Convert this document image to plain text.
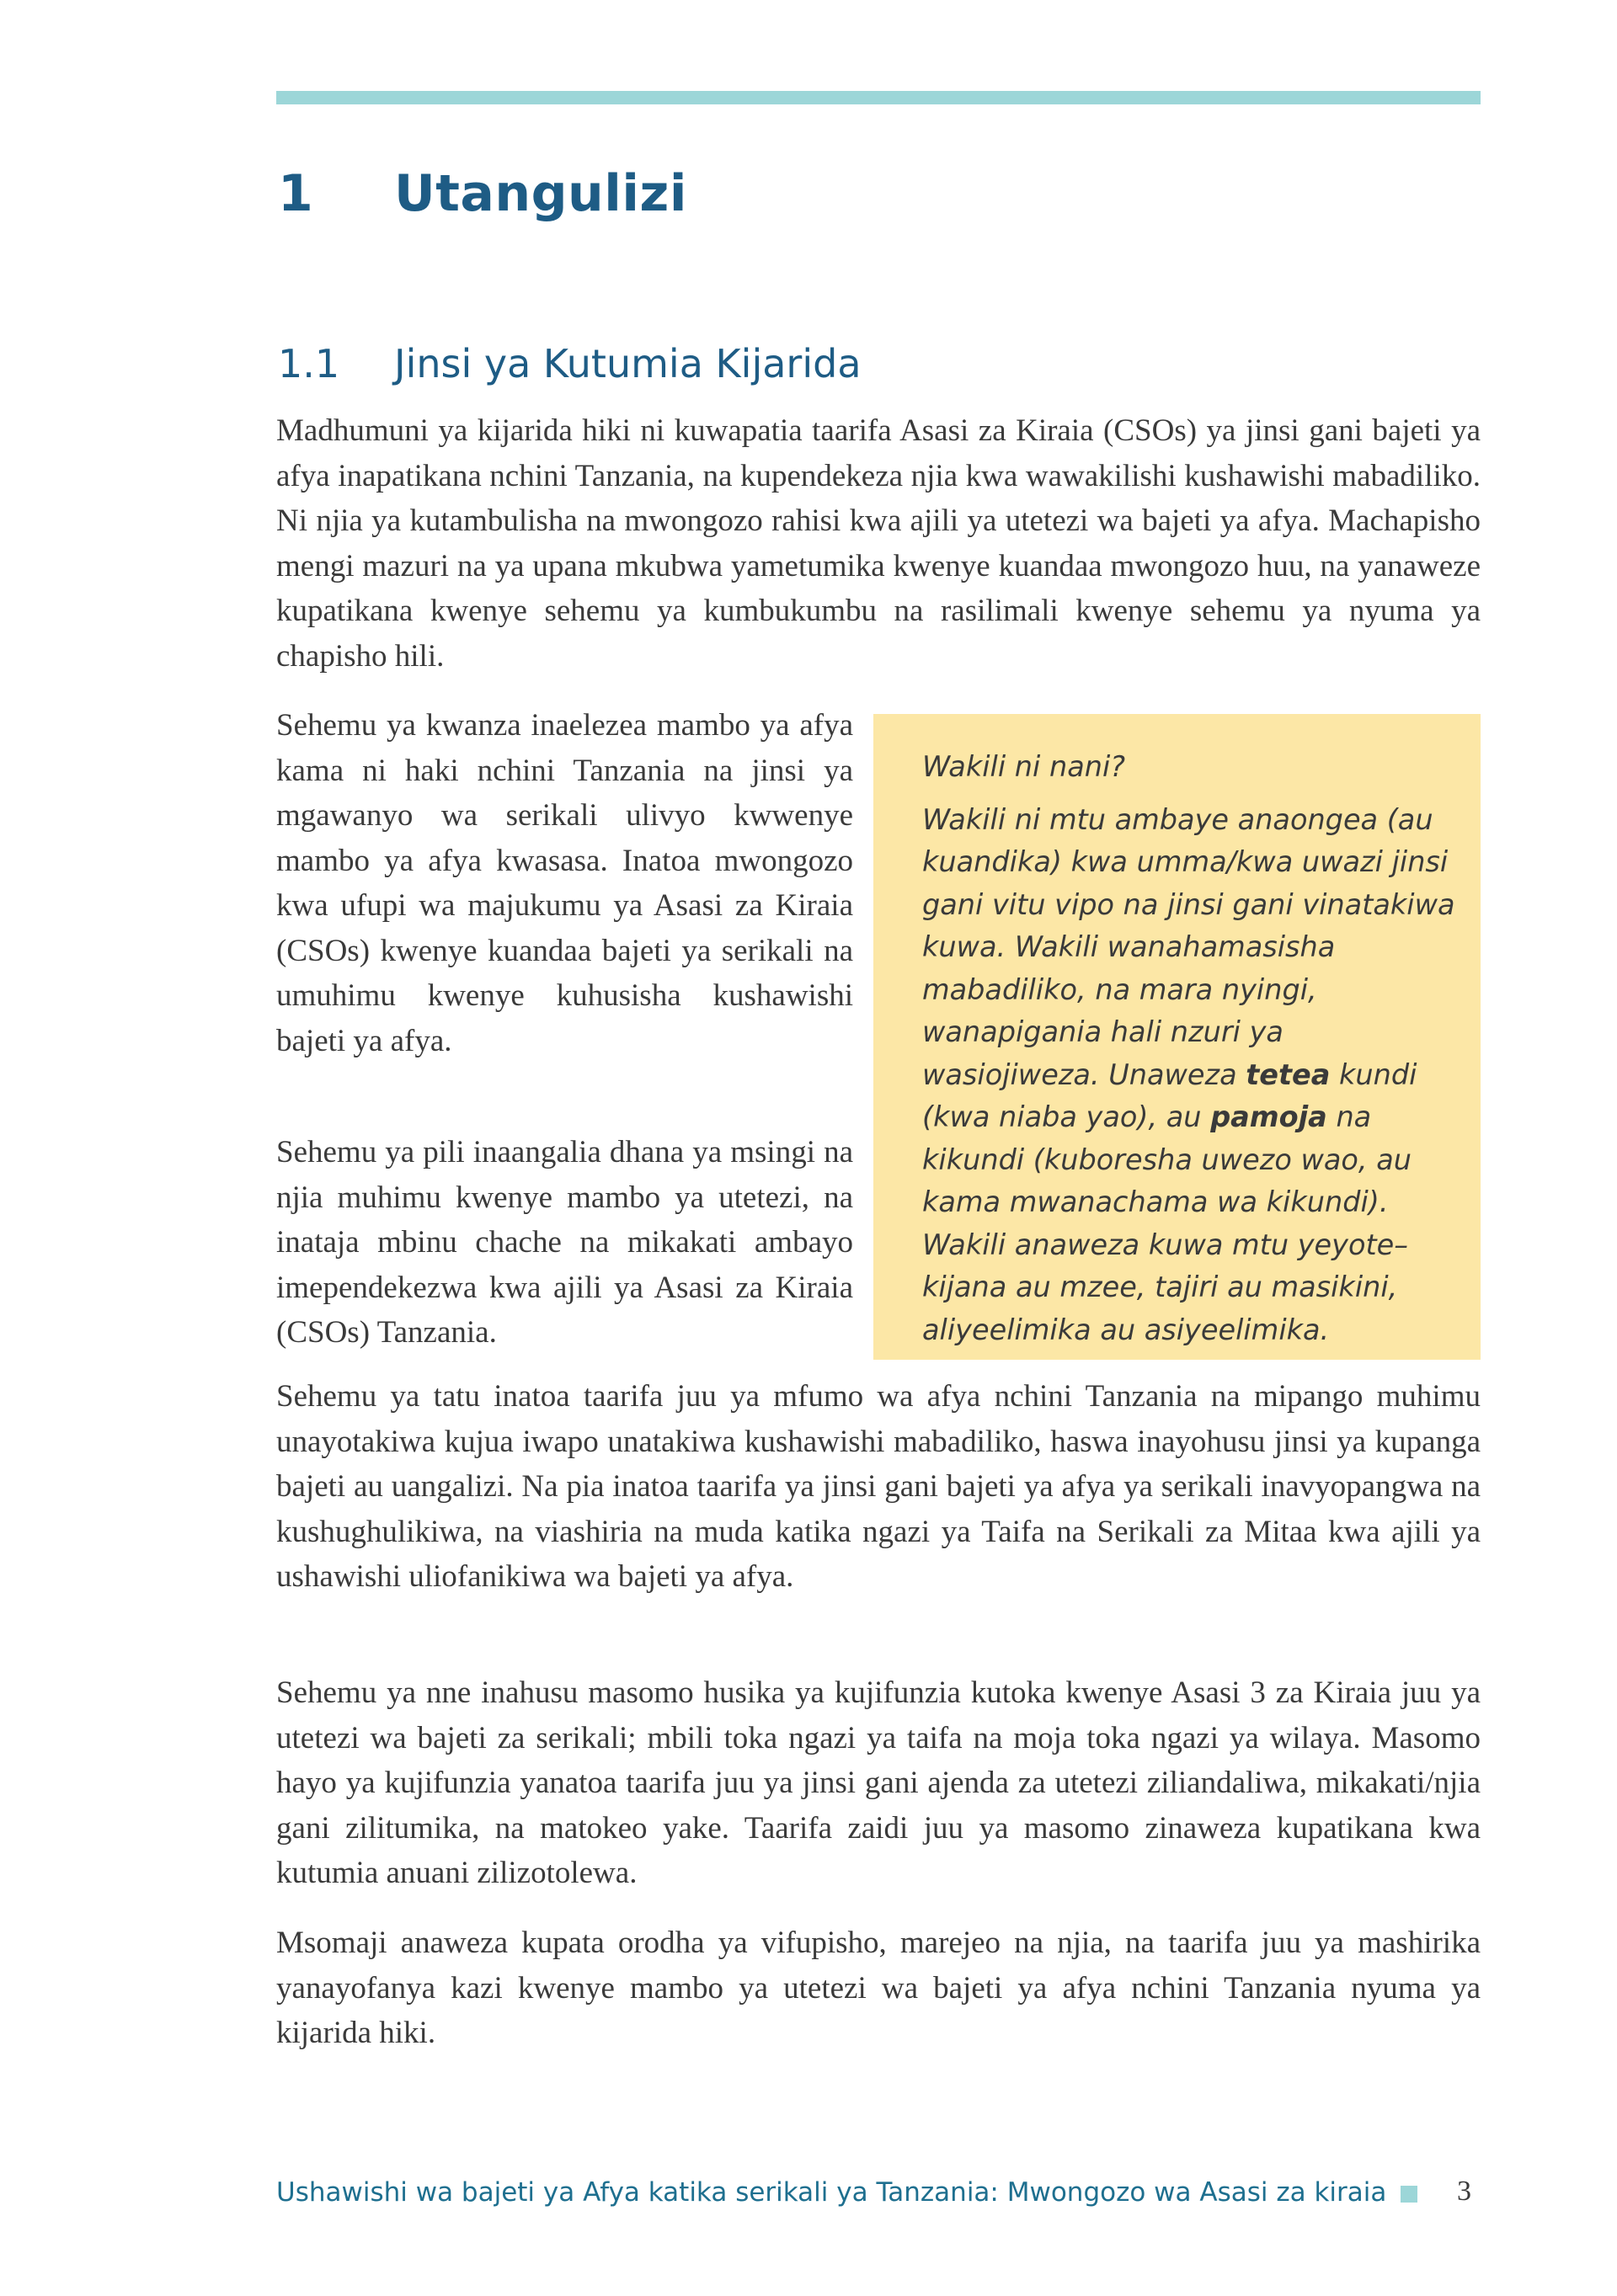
1 Utangulizi
1.1 Jinsi ya Kutumia Kijarida

Madhumuni ya kijarida hiki ni kuwapatia taarifa Asasi za Kiraia (CSOs) ya jinsi gani bajeti ya afya inapatikana nchini Tanzania, na kupendekeza njia kwa wawakilishi kushawishi mabadiliko. Ni njia ya kutambulisha na mwongozo rahisi kwa ajili ya utetezi wa bajeti ya afya. Machapisho mengi mazuri na ya upana mkubwa yametumika kwenye kuandaa mwongozo huu, na yanaweze kupatikana kwenye sehemu ya kumbukumbu na rasilimali kwenye sehemu ya nyuma ya chapisho hili.

Sehemu ya kwanza inaelezea mambo ya afya kama ni haki nchini Tanzania na jinsi ya mgawanyo wa serikali ulivyo kwwenye mambo ya afya kwasasa. Inatoa mwongozo kwa ufupi wa majukumu ya Asasi za Kiraia (CSOs) kwenye kuandaa bajeti ya serikali na umuhimu kwenye kuhusisha kushawishi bajeti ya afya.

Sehemu ya pili inaangalia dhana ya msingi na njia muhimu kwenye mambo ya utetezi, na inataja mbinu chache na mikakati ambayo imependekezwa kwa ajili ya Asasi za Kiraia (CSOs) Tanzania.

Wakili ni nani?

Wakili ni mtu ambaye anaongea (au kuandika) kwa umma/kwa uwazi jinsi gani vitu vipo na jinsi gani vinatakiwa kuwa. Wakili wanahamasisha mabadiliko, na mara nyingi, wanapigania hali nzuri ya wasiojiweza. Unaweza tetea kundi (kwa niaba yao), au pamoja na kikundi (kuboresha uwezo wao, au kama mwanachama wa kikundi). Wakili anaweza kuwa mtu yeyote–kijana au mzee, tajiri au masikini, aliyeelimika au asiyeelimika.

Sehemu ya tatu inatoa taarifa juu ya mfumo wa afya nchini Tanzania na mipango muhimu unayotakiwa kujua iwapo unatakiwa kushawishi mabadiliko, haswa inayohusu jinsi ya kupanga bajeti au uangalizi. Na pia inatoa taarifa ya jinsi gani bajeti ya afya ya serikali inavyopangwa na kushughulikiwa, na viashiria na muda katika ngazi ya Taifa na Serikali za Mitaa kwa ajili ya ushawishi uliofanikiwa wa bajeti ya afya.

Sehemu ya nne inahusu masomo husika ya kujifunzia kutoka kwenye Asasi 3 za Kiraia juu ya utetezi wa bajeti za serikali; mbili toka ngazi ya taifa na moja toka ngazi ya wilaya. Masomo hayo ya kujifunzia yanatoa taarifa juu ya jinsi gani ajenda za utetezi ziliandaliwa, mikakati/njia gani zilitumika, na matokeo yake. Taarifa zaidi juu ya masomo zinaweza kupatikana kwa kutumia anuani zilizotolewa.

Msomaji anaweza kupata orodha ya vifupisho, marejeo na njia, na taarifa juu ya mashirika yanayofanya kazi kwenye mambo ya utetezi wa bajeti ya afya nchini Tanzania nyuma ya kijarida hiki.

Ushawishi wa bajeti ya Afya katika serikali ya Tanzania: Mwongozo wa Asasi za kiraia 3
